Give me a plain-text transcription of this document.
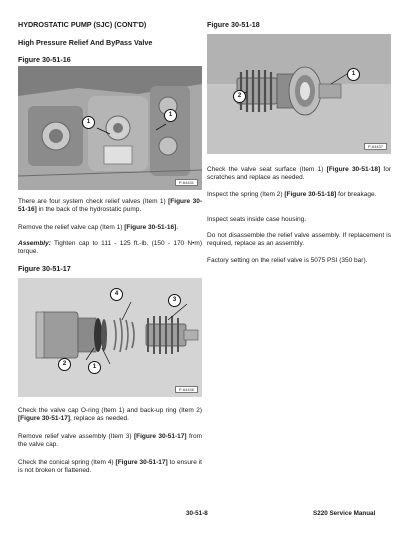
HYDROSTATIC PUMP (SJC) (CONT'D)
High Pressure Relief And ByPass Valve
Figure 30-51-16
1
1
P-64431
There are four system check relief valves (Item 1) [Figure 30-51-16] in the back of the hydrostatic pump.
Remove the relief valve cap (Item 1) [Figure 30-51-16].
Assembly: Tighten cap to 111 - 125 ft.-lb. (150 - 170 N•m) torque.
Figure 30-51-17
4
3
2	1
P-64436
Check the valve cap O-ring (Item 1) and back-up ring (Item 2) [Figure 30-51-17], replace as needed.
Remove relief valve assembly (Item 3) [Figure 30-51-17] from the valve cap.
Check the conical spring (Item 4) [Figure 30-51-17] to ensure it is not broken or flattened.
Figure 30-51-18
1
2
P-64437
Check the valve seat surface (Item 1) [Figure 30-51-18] for scratches and replace as needed.
Inspect the spring (Item 2) [Figure 30-51-18] for breakage.
Inspect seats inside case housing.
Do not disassemble the relief valve assembly. If replacement is required, replace as an assembly.
Factory setting on the relief valve is 5075 PSI (350 bar).
30-51-8	S220 Service Manual
